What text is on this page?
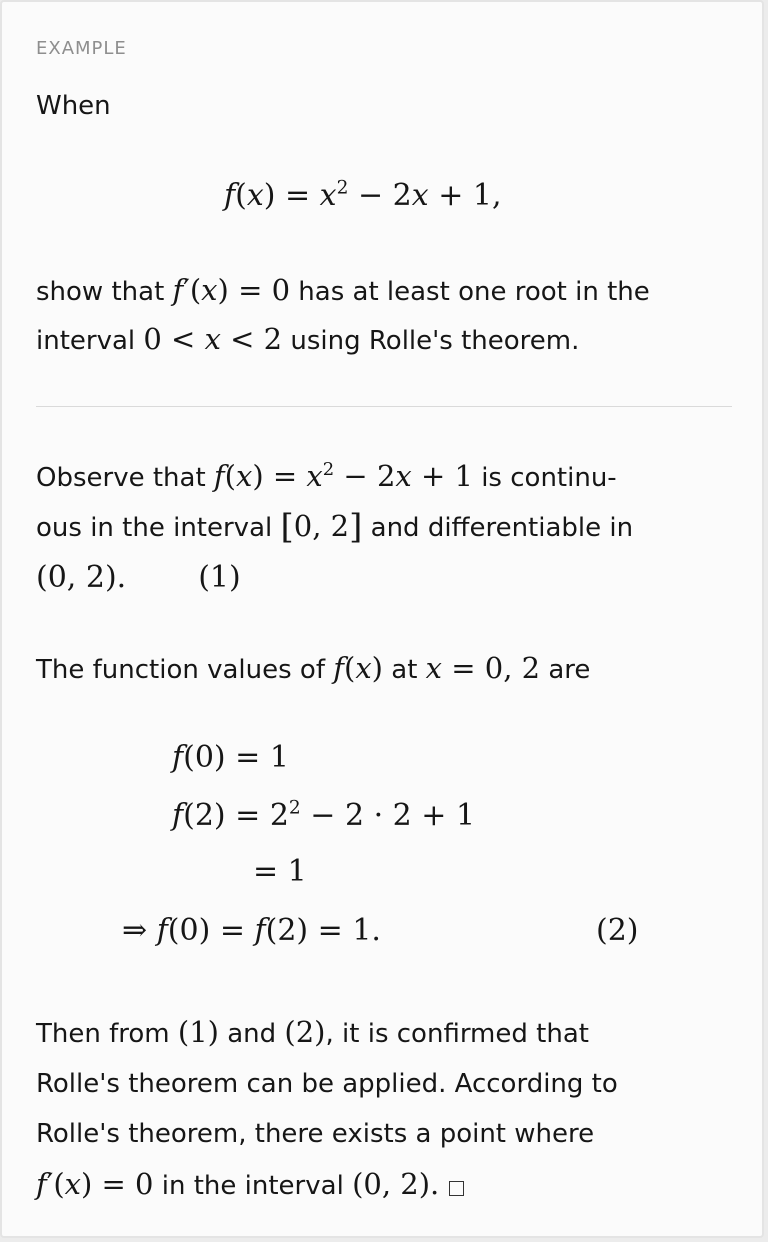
EXAMPLE
When
$f(x) = x^2 - 2x + 1$,
show that f′(x) = 0 has at least one root in the
interval 0 < x < 2 using Rolle's theorem.
Observe that $f(x) = x^2 - 2x + 1$ is continu-
ous in the interval [0, 2] and differentiable in
(0, 2). (1)
The function values of f(x) at x = 0, 2 are
f(0) = 1
$f(2) = 2^2 - 2 \cdot 2 + 1$
= 1
⇒ f(0) = f(2) = 1.	(2)
Then from (1) and (2), it is confirmed that
Rolle's theorem can be applied. According to
Rolle's theorem, there exists a point where
f′(x) = 0 in the interval (0, 2).
